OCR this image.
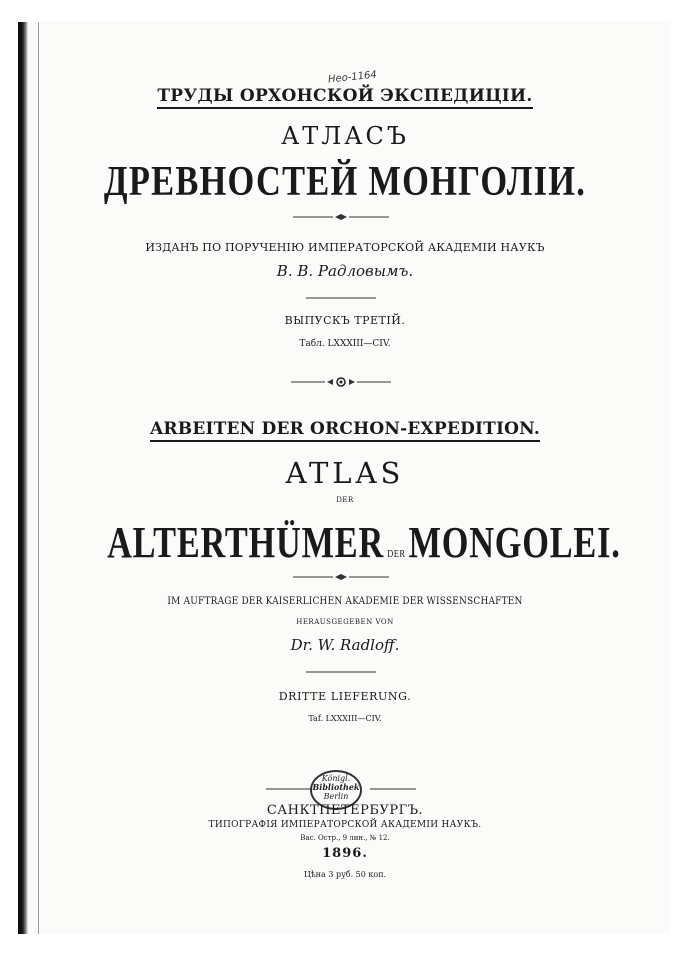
Heo-1164
ТРУДЫ ОРХОНСКОЙ ЭКСПЕДИЦІИ.
АТЛАСЪ
ДРЕВНОСТЕЙ МОНГОЛІИ.
ИЗДАНЪ ПО ПОРУЧЕНІЮ ИМПЕРАТОРСКОЙ АКАДЕМІИ НАУКЪ
В. В. Радловымъ.
ВЫПУСКЪ ТРЕТІЙ.
Табл. LXXXIII—CIV.
ARBEITEN DER ORCHON-EXPEDITION.
ATLAS
DER
ALTERTHÜMER DERMONGOLEI.
IM AUFTRAGE DER KAISERLICHEN AKADEMIE DER WISSENSCHAFTEN
HERAUSGEGEBEN VON
Dr. W. Radloff.
DRITTE LIEFERUNG.
Taf. LXXXIII—CIV.
Königl.
Bibliothek
Berlin
САНКТПЕТЕРБУРГЪ.
ТИПОГРАФІЯ ИМПЕРАТОРСКОЙ АКАДЕМІИ НАУКЪ.
Вас. Остр., 9 лин., № 12.
1896.
Цѣна 3 руб. 50 коп.
